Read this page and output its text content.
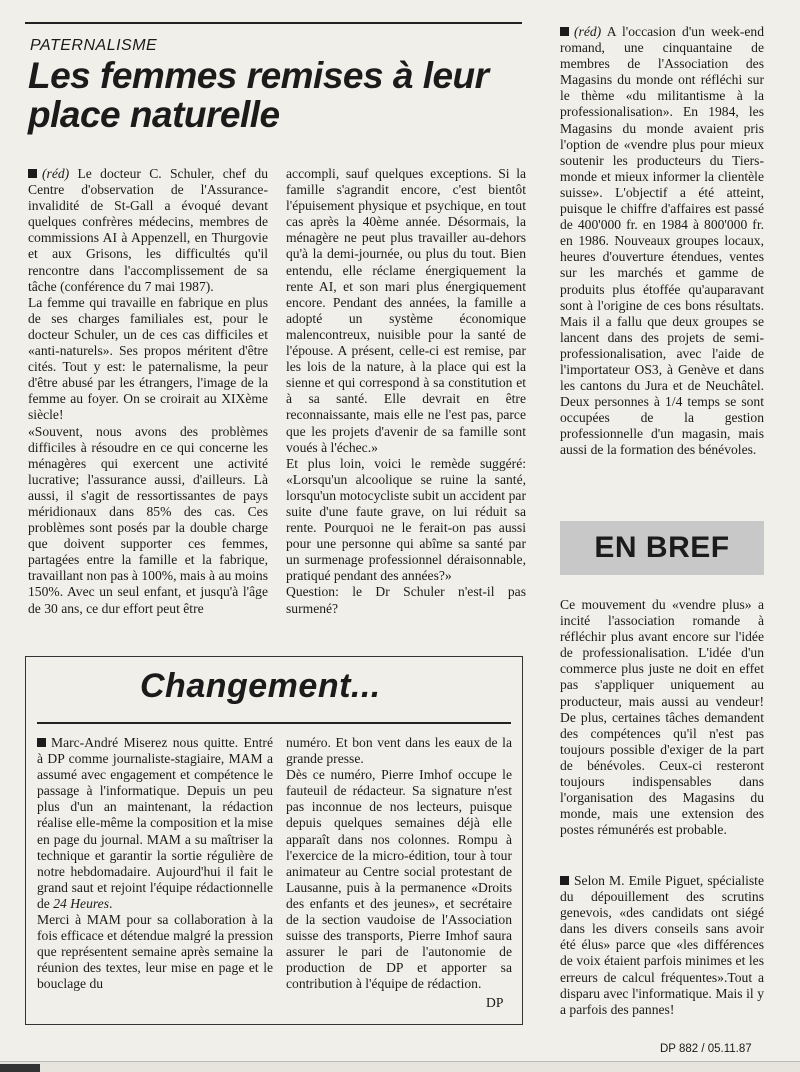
PATERNALISME
Les femmes remises à leur place naturelle

(réd) Le docteur C. Schuler, chef du Centre d'observation de l'Assurance-invalidité de St-Gall a évoqué devant quelques confrères médecins, membres de commissions AI à Appenzell, en Thurgovie et aux Grisons, les difficultés qu'il rencontre dans l'accomplissement de sa tâche (conférence du 7 mai 1987).

La femme qui travaille en fabrique en plus de ses charges familiales est, pour le docteur Schuler, un de ces cas difficiles et «anti-naturels». Ses propos méritent d'être cités. Tout y est: le paternalisme, la peur d'être abusé par les étrangers, l'image de la femme au foyer. On se croirait au XIXème siècle!

«Souvent, nous avons des problèmes difficiles à résoudre en ce qui concerne les ménagères qui exercent une activité lucrative; l'assurance aussi, d'ailleurs. Là aussi, il s'agit de ressortissantes de pays méridionaux dans 85% des cas. Ces problèmes sont posés par la double charge que doivent supporter ces femmes, partagées entre la famille et la fabrique, travaillant non pas à 100%, mais à au moins 150%. Avec un seul enfant, et jusqu'à l'âge de 30 ans, ce dur effort peut être

accompli, sauf quelques exceptions. Si la famille s'agrandit encore, c'est bientôt l'épuisement physique et psychique, en tout cas après la 40ème année. Désormais, la ménagère ne peut plus travailler au-dehors qu'à la demi-journée, ou plus du tout. Bien entendu, elle réclame énergiquement la rente AI, et son mari plus énergiquement encore. Pendant des années, la famille a adopté un système économique malencontreux, nuisible pour la santé de l'épouse. A présent, celle-ci est remise, par les lois de la nature, à la place qui est la sienne et qui correspond à sa constitution et à sa santé. Elle devrait en être reconnaissante, mais elle ne l'est pas, parce que les projets d'avenir de sa famille sont voués à l'échec.»

Et plus loin, voici le remède suggéré: «Lorsqu'un alcoolique se ruine la santé, lorsqu'un motocycliste subit un accident par suite d'une faute grave, on lui réduit sa rente. Pourquoi ne le ferait-on pas aussi pour une personne qui abîme sa santé par un surmenage professionnel déraisonnable, pratiqué pendant des années?»

Question: le Dr Schuler n'est-il pas surmené?

(réd) A l'occasion d'un week-end romand, une cinquantaine de membres de l'Association des Magasins du monde ont réfléchi sur le thème «du militantisme à la professionalisation». En 1984, les Magasins du monde avaient pris l'option de «vendre plus pour mieux soutenir les producteurs du Tiers-monde et mieux informer la clientèle suisse». L'objectif a été atteint, puisque le chiffre d'affaires est passé de 400'000 fr. en 1984 à 800'000 fr. en 1986. Nouveaux groupes locaux, heures d'ouverture étendues, ventes sur les marchés et gamme de produits plus étoffée qu'auparavant sont à l'origine de ces bons résultats. Mais il a fallu que deux groupes se lancent dans des projets de semi-professionalisation, avec l'aide de l'importateur OS3, à Genève et dans les cantons du Jura et de Neuchâtel. Deux personnes à 1/4 temps se sont occupées de la gestion professionnelle d'un magasin, mais aussi de la formation des bénévoles.

EN BREF
Ce mouvement du «vendre plus» a incité l'association romande à réfléchir plus avant encore sur l'idée de professionalisation. L'idée d'un commerce plus juste ne doit en effet pas s'appliquer uniquement au producteur, mais aussi au vendeur! De plus, certaines tâches demandent des compétences qu'il n'est pas toujours possible d'exiger de la part de bénévoles. Ceux-ci resteront toujours indispensables dans l'organisation des Magasins du monde, mais une extension des postes rémunérés est probable.

Selon M. Emile Piguet, spécialiste du dépouillement des scrutins genevois, «des candidats ont siégé dans les divers conseils sans avoir été élus» parce que «les différences de voix étaient parfois minimes et les erreurs de calcul fréquentes».Tout a disparu avec l'informatique. Mais il y a parfois des pannes!

Changement...

Marc-André Miserez nous quitte. Entré à DP comme journaliste-stagiaire, MAM a assumé avec engagement et compétence le passage à l'informatique. Depuis un peu plus d'un an maintenant, la rédaction réalise elle-même la composition et la mise en page du journal. MAM a su maîtriser la technique et garantir la sortie régulière de notre hebdomadaire. Aujourd'hui il fait le grand saut et rejoint l'équipe rédactionnelle de 24 Heures.

Merci à MAM pour sa collaboration à la fois efficace et détendue malgré la pression que représentent semaine après semaine la réunion des textes, leur mise en page et le bouclage du

numéro. Et bon vent dans les eaux de la grande presse.

Dès ce numéro, Pierre Imhof occupe le fauteuil de rédacteur. Sa signature n'est pas inconnue de nos lecteurs, puisque depuis quelques semaines déjà elle apparaît dans nos colonnes. Rompu à l'exercice de la micro-édition, tour à tour animateur au Centre social protestant de Lausanne, puis à la permanence «Droits des enfants et des jeunes», et secrétaire de la section vaudoise de l'Association suisse des transports, Pierre Imhof saura assurer le pari de l'autonomie de production de DP et apporter sa contribution à l'équipe de rédaction.

DP
DP 882 / 05.11.87
